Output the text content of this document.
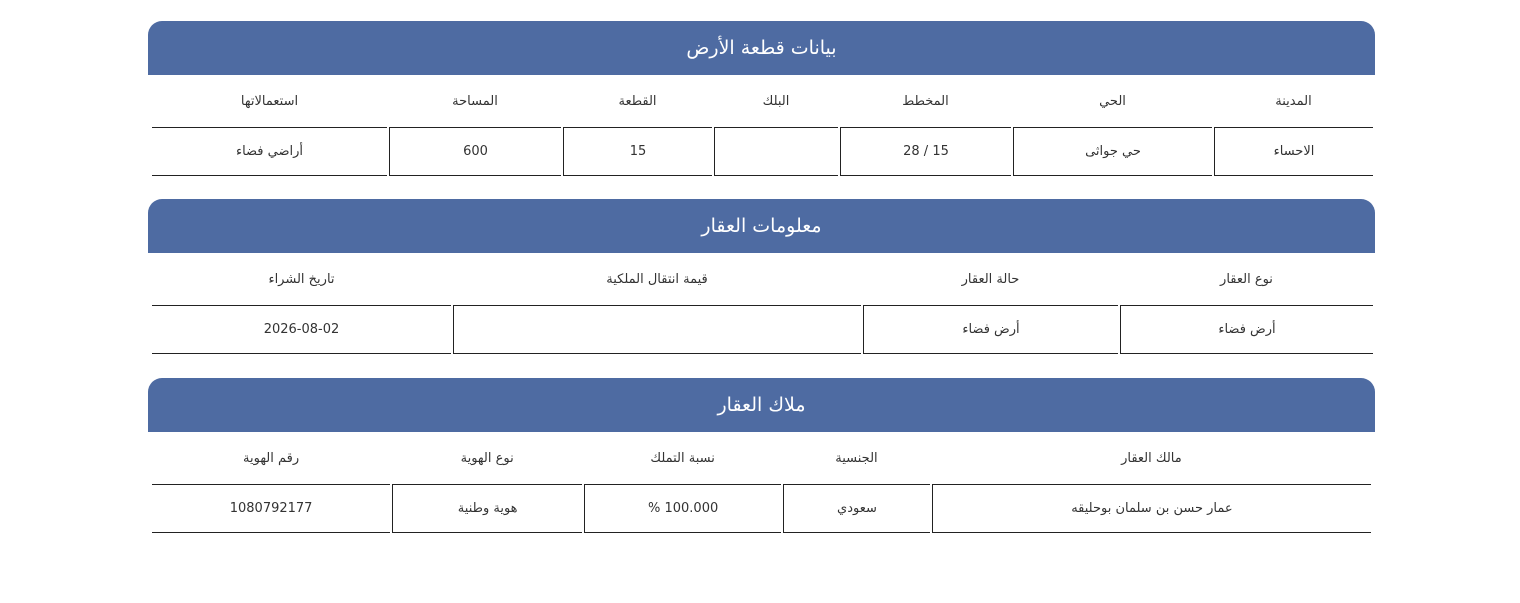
بيانات قطعة الأرض
المدينة	الحي	المخطط	البلك	القطعة	المساحة	استعمالاتها
الاحساء	حي جواثى	15 / 28		15	600	أراضي فضاء
معلومات العقار
نوع العقار	حالة العقار	قيمة انتقال الملكية	تاريخ الشراء
أرض فضاء	أرض فضاء		2026-08-02
ملاك العقار
مالك العقار	الجنسية	نسبة التملك	نوع الهوية	رقم الهوية
عمار حسن بن سلمان بوحليقه	سعودي	100.000 %	هوية وطنية	1080792177
